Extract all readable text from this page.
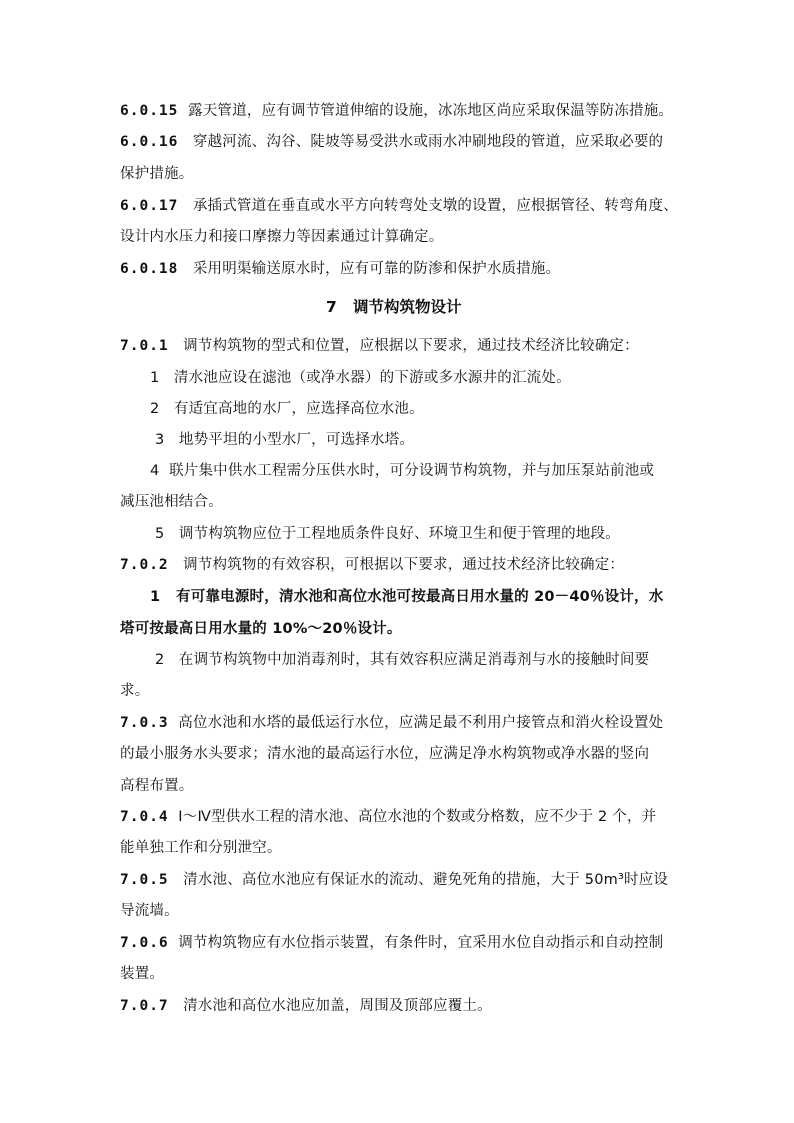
6.0.15 露天管道，应有调节管道伸缩的设施，冰冻地区尚应采取保温等防冻措施。
6.0.16 穿越河流、沟谷、陡坡等易受洪水或雨水冲刷地段的管道，应采取必要的
保护措施。
6.0.17 承插式管道在垂直或水平方向转弯处支墩的设置，应根据管径、转弯角度、
设计内水压力和接口摩擦力等因素通过计算确定。
6.0.18 采用明渠输送原水时，应有可靠的防渗和保护水质措施。
7 调节构筑物设计
7.0.1 调节构筑物的型式和位置，应根据以下要求，通过技术经济比较确定：
1 清水池应设在滤池（或净水器）的下游或多水源井的汇流处。
2 有适宜高地的水厂，应选择高位水池。
3 地势平坦的小型水厂，可选择水塔。
4 联片集中供水工程需分压供水时，可分设调节构筑物，并与加压泵站前池或
减压池相结合。
5 调节构筑物应位于工程地质条件良好、环境卫生和便于管理的地段。
7.0.2 调节构筑物的有效容积，可根据以下要求，通过技术经济比较确定：
1 有可靠电源时，清水池和高位水池可按最高日用水量的 20－40％设计，水
塔可按最高日用水量的 10%～20％设计。
2 在调节构筑物中加消毒剂时，其有效容积应满足消毒剂与水的接触时间要
求。
7.0.3 高位水池和水塔的最低运行水位，应满足最不利用户接管点和消火栓设置处
的最小服务水头要求；清水池的最高运行水位，应满足净水构筑物或净水器的竖向
高程布置。
7.0.4 Ⅰ～Ⅳ型供水工程的清水池、高位水池的个数或分格数，应不少于 2 个，并
能单独工作和分别泄空。
7.0.5 清水池、高位水池应有保证水的流动、避免死角的措施，大于 50m³时应设
导流墙。
7.0.6 调节构筑物应有水位指示装置，有条件时，宜采用水位自动指示和自动控制
装置。
7.0.7 清水池和高位水池应加盖，周围及顶部应覆土。
